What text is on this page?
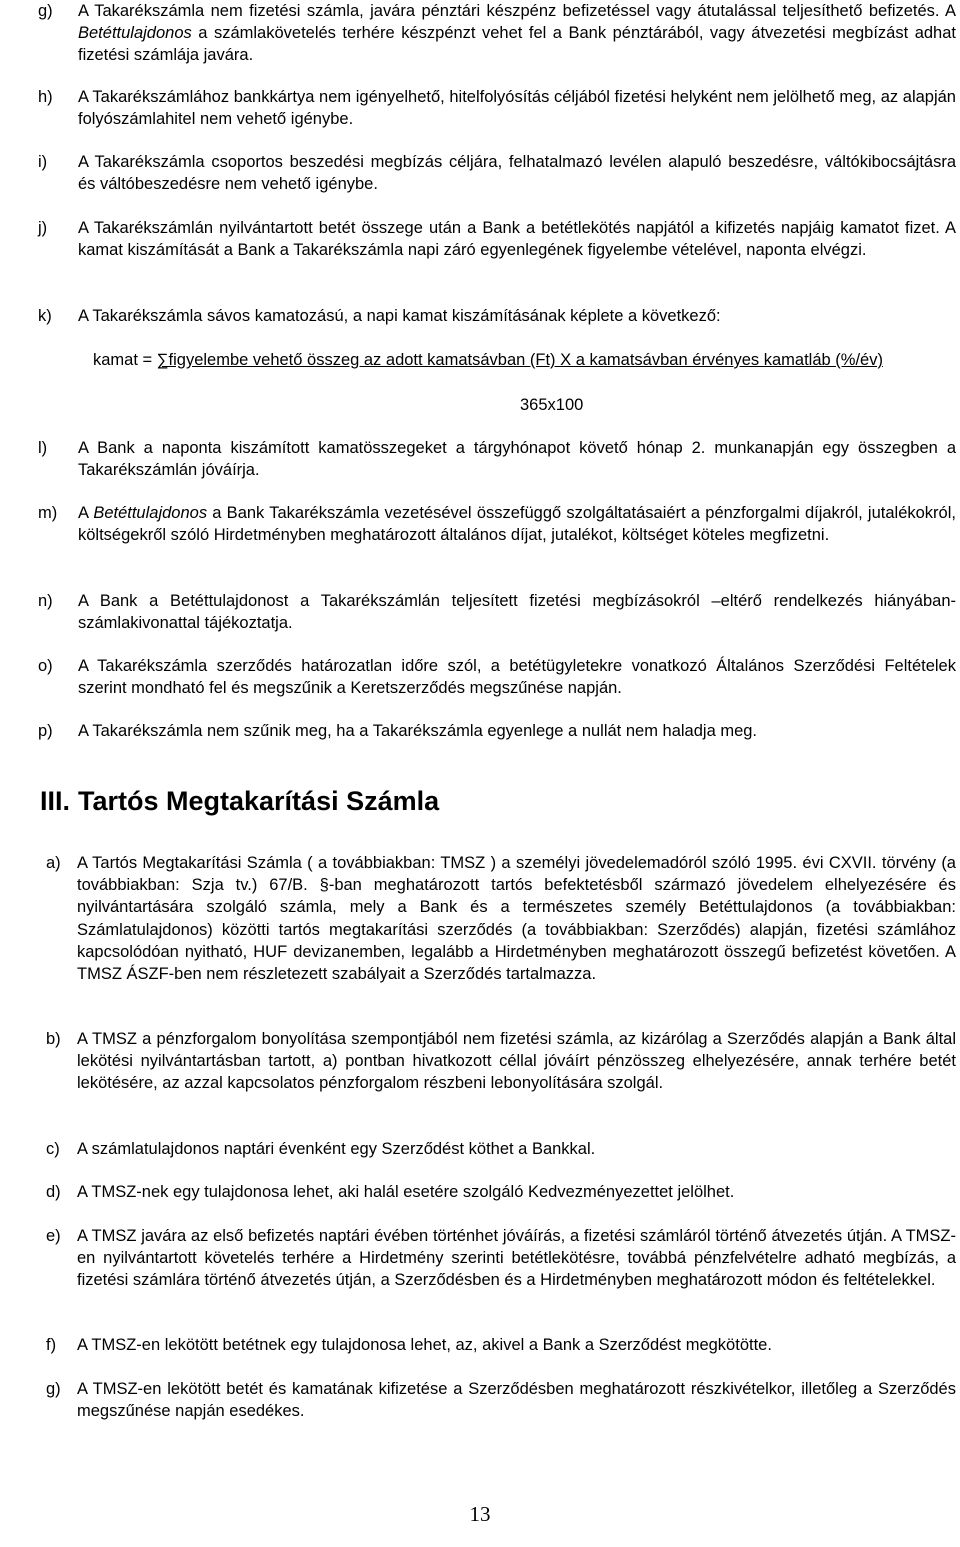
g)	A Takarékszámla nem fizetési számla, javára pénztári készpénz befizetéssel vagy átutalással teljesíthető befizetés. A Betéttulajdonos a számlakövetelés terhére készpénzt vehet fel a Bank pénztárából, vagy átvezetési megbízást adhat fizetési számlája javára.
h)	A Takarékszámlához bankkártya nem igényelhető, hitelfolyósítás céljából fizetési helyként nem jelölhető meg, az alapján folyószámlahitel nem vehető igénybe.
i)	A Takarékszámla csoportos beszedési megbízás céljára, felhatalmazó levélen alapuló beszedésre, váltókibocsájtásra és váltóbeszedésre nem vehető igénybe.
j)	A Takarékszámlán nyilvántartott betét összege után a Bank a betétlekötés napjától a kifizetés napjáig kamatot fizet. A kamat kiszámítását a Bank a Takarékszámla napi záró egyenlegének figyelembe vételével, naponta elvégzi.
k)	A Takarékszámla sávos kamatozású, a napi kamat kiszámításának képlete a következő:
kamat = ∑figyelembe vehető összeg az adott kamatsávban (Ft) X a kamatsávban érvényes kamatláb (%/év)
365x100
l)	A Bank a naponta kiszámított kamatösszegeket a tárgyhónapot követő hónap 2. munkanapján egy összegben a Takarékszámlán jóváírja.
m)	A Betéttulajdonos a Bank Takarékszámla vezetésével összefüggő szolgáltatásaiért a pénzforgalmi díjakról, jutalékokról, költségekről szóló Hirdetményben meghatározott általános díjat, jutalékot, költséget köteles megfizetni.
n)	A Bank a Betéttulajdonost a Takarékszámlán teljesített fizetési megbízásokról –eltérő rendelkezés hiányában- számlakivonattal tájékoztatja.
o)	A Takarékszámla szerződés határozatlan időre szól, a betétügyletekre vonatkozó Általános Szerződési Feltételek szerint mondható fel és megszűnik a Keretszerződés megszűnése napján.
p)	A Takarékszámla nem szűnik meg, ha a Takarékszámla egyenlege a nullát nem haladja meg.
III. Tartós Megtakarítási Számla
a) A Tartós Megtakarítási Számla ( a továbbiakban: TMSZ ) a személyi jövedelemadóról szóló 1995. évi CXVII. törvény (a továbbiakban: Szja tv.) 67/B. §-ban meghatározott tartós befektetésből származó jövedelem elhelyezésére és nyilvántartására szolgáló számla, mely a Bank és a természetes személy Betéttulajdonos (a továbbiakban: Számlatulajdonos) közötti tartós megtakarítási szerződés (a továbbiakban: Szerződés) alapján, fizetési számlához kapcsolódóan nyitható, HUF devizanemben, legalább a Hirdetményben meghatározott összegű befizetést követően. A TMSZ ÁSZF-ben nem részletezett szabályait a Szerződés tartalmazza.
b) A TMSZ a pénzforgalom bonyolítása szempontjából nem fizetési számla, az kizárólag a Szerződés alapján a Bank által lekötési nyilvántartásban tartott, a) pontban hivatkozott céllal jóváírt pénzösszeg elhelyezésére, annak terhére betét lekötésére, az azzal kapcsolatos pénzforgalom részbeni lebonyolítására szolgál.
c)	A számlatulajdonos naptári évenként egy Szerződést köthet a Bankkal.
d) A TMSZ-nek egy tulajdonosa lehet, aki halál esetére szolgáló Kedvezményezettet jelölhet.
e) A TMSZ javára az első befizetés naptári évében történhet jóváírás, a fizetési számláról történő átvezetés útján. A TMSZ-en nyilvántartott követelés terhére a Hirdetmény szerinti betétlekötésre, továbbá pénzfelvételre adható megbízás, a fizetési számlára történő átvezetés útján, a Szerződésben és a Hirdetményben meghatározott módon és feltételekkel.
f)	A TMSZ-en lekötött betétnek egy tulajdonosa lehet, az, akivel a Bank a Szerződést megkötötte.
g) A TMSZ-en lekötött betét és kamatának kifizetése a Szerződésben meghatározott részkivételkor, illetőleg a Szerződés megszűnése napján esedékes.
13
